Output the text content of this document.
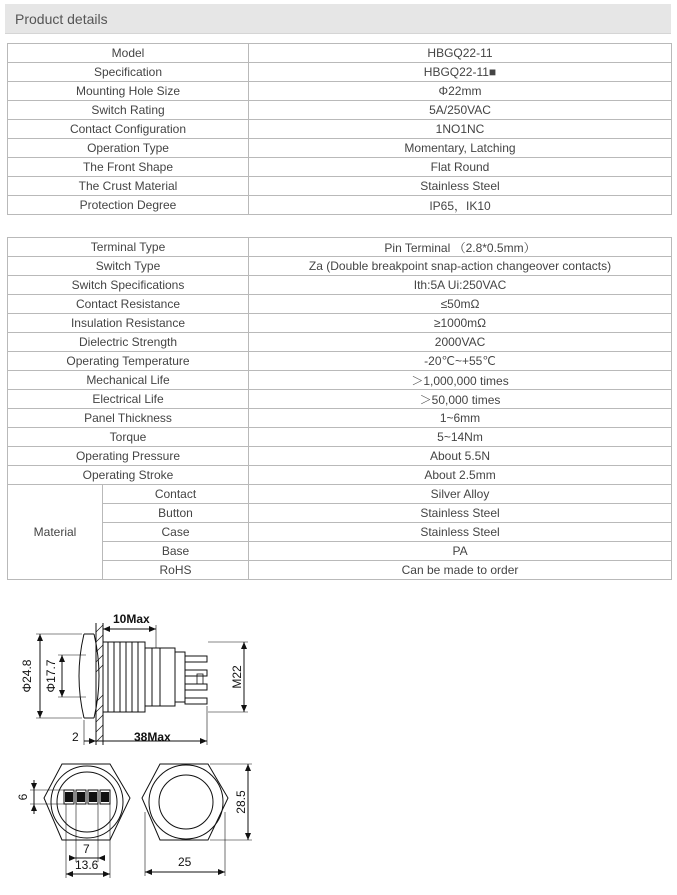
Product details
Model	HBGQ22-11
Specification	HBGQ22-11■
Mounting Hole Size	Φ22mm
Switch Rating	5A/250VAC
Contact Configuration	1NO1NC
Operation Type	Momentary, Latching
The Front Shape	Flat Round
The Crust Material	Stainless Steel
Protection Degree	IP65，IK10
Terminal Type		Pin Terminal （2.8*0.5mm）
Switch Type		Za (Double breakpoint snap-action changeover contacts)
Switch Specifications		Ith:5A Ui:250VAC
Contact Resistance		≤50mΩ
Insulation Resistance		≥1000mΩ
Dielectric Strength		2000VAC
Operating Temperature		-20℃~+55℃
Mechanical Life		＞1,000,000 times
Electrical Life		＞50,000 times
Panel Thickness		1~6mm
Torque		5~14Nm
Operating Pressure		About 5.5N
Operating Stroke		About 2.5mm
Material	Contact	Silver Alloy
	Button	Stainless Steel
	Case	Stainless Steel
	Base	PA
	RoHS	Can be made to order
10Max
Φ24.8 Φ17.7	M22
2	38Max
6
7
13.6
28.5
25
